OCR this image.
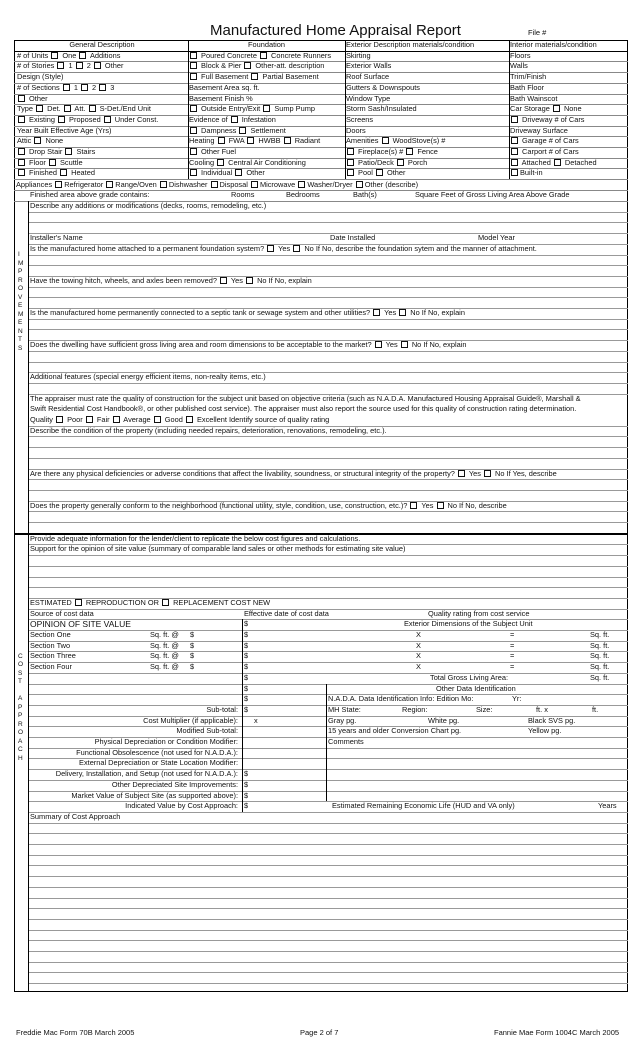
Manufactured Home Appraisal Report	File #
Freddie Mac Form 70B March 2005	Page 2 of 7	Fannie Mae Form 1004C March 2005
General Description	Foundation	Exterior Description materials/condition	Interior materials/condition
# of Units  One  Additions	Poured Concrete  Concrete Runners	Skirting	Floors
# of Stories  1  2  Other	Block & Pier  Other-att. description	Exterior Walls	Walls
Design (Style)	Full Basement  Partial Basement	Roof Surface	Trim/Finish
# of Sections  1  2  3	Basement Area sq. ft.	Gutters & Downspouts	Bath Floor
Other	Basement Finish %	Window Type	Bath Wainscot
Type  Det.  Att.  S-Det./End Unit	Outside Entry/Exit  Sump Pump	Storm Sash/Insulated	Car Storage  None
Existing  Proposed  Under Const.	Evidence of  Infestation	Screens	Driveway # of Cars
Year Built Effective Age (Yrs)	Dampness  Settlement	Doors	Driveway Surface
Attic  None	Heating  FWA  HWBB  Radiant	Amenities  WoodStove(s) #	Garage # of Cars
Drop Stair  Stairs	Other Fuel	Fireplace(s) #  Fence	Carport # of Cars
Floor  Scuttle	Cooling  Central Air Conditioning	Patio/Deck  Porch	Attached  Detached
Finished  Heated	Individual  Other	Pool  Other	Built-in
Appliances Refrigerator Range/Oven Dishwasher Disposal Microwave Washer/Dryer Other (describe)
Finished area above grade contains:	Rooms	Bedrooms	Bath(s)	Square Feet of Gross Living Area Above Grade
Describe any additions or modifications (decks, rooms, remodeling, etc.)
Installer's Name	Date Installed	Model Year
Is the manufactured home attached to a permanent foundation system?  Yes  No If No, describe the foundation sytem and the manner of attachment.
Have the towing hitch, wheels, and axles been removed?  Yes  No If No, explain
Is the manufactured home permanently connected to a septic tank or sewage system and other utilities?  Yes  No If No, explain
Does the dwelling have sufficient gross living area and room dimensions to be acceptable to the market?  Yes  No If No, explain
Additional features (special energy efficient items, non-realty items, etc.)
The appraiser must rate the quality of construction for the subject unit based on objective criteria (such as N.A.D.A. Manufactured Housing Appraisal Guide®, Marshall &
Swift Residential Cost Handbook®, or other published cost service). The appraiser must also report the source used for this quality of construction rating determination.
Quality  Poor  Fair  Average  Good  Excellent Identify source of quality rating
Describe the condition of the property (including needed repairs, deterioration, renovations, remodeling, etc.).
Are there any physical deficiencies or adverse conditions that affect the livability, soundness, or structural integrity of the property?  Yes  No If Yes, describe
Does the property generally conform to the neighborhood (functional utility, style, condition, use, construction, etc.)?  Yes  No If No, describe
I
M
P
R
O
V
E
M
E
N
T
S
Provide adequate information for the lender/client to replicate the below cost figures and calculations.
Support for the opinion of site value (summary of comparable land sales or other methods for estimating site value)
ESTIMATED  REPRODUCTION OR  REPLACEMENT COST NEW
Source of cost data	Effective date of cost data	Quality rating from cost service
OPINION OF SITE VALUE	$	Exterior Dimensions of the Subject Unit
Section One	Sq. ft. @ $	$	X	=	Sq. ft.
Section Two	Sq. ft. @ $	$	X	=	Sq. ft.
Section Three	Sq. ft. @ $	$	X	=	Sq. ft.
Section Four	Sq. ft. @ $	$	X	=	Sq. ft.
$	Total Gross Living Area:	Sq. ft.
$	Other Data Identification
$	N.A.D.A. Data Identification Info: Edition Mo:	Yr:
Sub-total: $	MH State:	Region:	Size:	ft. x	ft.
Cost Multiplier (if applicable): x	Gray pg.	White pg.	Black SVS pg.
Modified Sub-total:	15 years and older Conversion Chart pg.	Yellow pg.
Physical Depreciation or Condition Modifier:	Comments
Functional Obsolescence (not used for N.A.D.A.):
External Depreciation or State Location Modifier:
Delivery, Installation, and Setup (not used for N.A.D.A.): $
Other Depreciated Site Improvements: $
Market Value of Subject Site (as supported above): $
Indicated Value by Cost Approach: $	Estimated Remaining Economic Life (HUD and VA only)	Years
Summary of Cost Approach
C
O
S
T
A
P
P
R
O
A
C
H
